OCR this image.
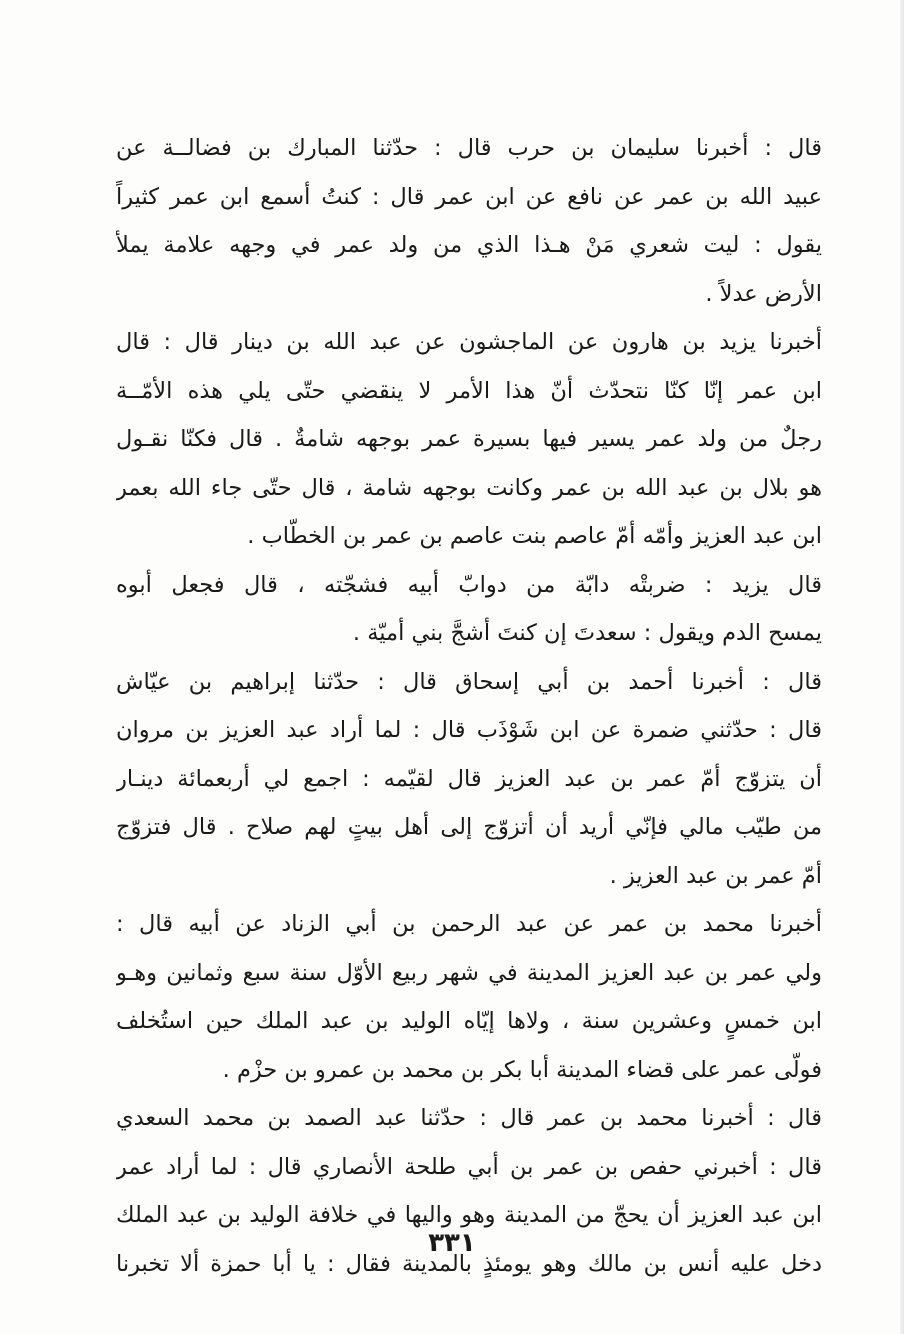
قال : أخبرنا سليمان بن حرب قال : حدّثنا المبارك بن فضالــة عن
عبيد الله بن عمر عن نافع عن ابن عمر قال : كنتُ أسمع ابن عمر كثيراً
يقول : ليت شعري مَنْ هـذا الذي من ولد عمر في وجهه علامة يملأ
الأرض عدلاً .
أخبرنا يزيد بن هارون عن الماجشون عن عبد الله بن دينار قال : قال
ابن عمر إنّا كنّا نتحدّث أنّ هذا الأمر لا ينقضي حتّى يلي هذه الأمّــة
رجلٌ من ولد عمر يسير فيها بسيرة عمر بوجهه شامةٌ . قال فكنّا نقـول
هو بلال بن عبد الله بن عمر وكانت بوجهه شامة ، قال حتّى جاء الله بعمر
ابن عبد العزيز وأمّه أمّ عاصم بنت عاصم بن عمر بن الخطّاب .
قال يزيد : ضربتْه دابّة من دوابّ أبيه فشجّته ، قال فجعل أبوه
يمسح الدم ويقول : سعدتَ إن كنتَ أشجَّ بني أميّة .
قال : أخبرنا أحمد بن أبي إسحاق قال : حدّثنا إبراهيم بن عيّاش
قال : حدّثني ضمرة عن ابن شَوْذَب قال : لما أراد عبد العزيز بن مروان
أن يتزوّج أمّ عمر بن عبد العزيز قال لقيّمه : اجمع لي أربعمائة دينـار
من طيّب مالي فإنّي أريد أن أتزوّج إلى أهل بيتٍ لهم صلاح . قال فتزوّج
أمّ عمر بن عبد العزيز .
أخبرنا محمد بن عمر عن عبد الرحمن بن أبي الزناد عن أبيه قال :
ولي عمر بن عبد العزيز المدينة في شهر ربيع الأوّل سنة سبع وثمانين وهـو
ابن خمسٍ وعشرين سنة ، ولاها إيّاه الوليد بن عبد الملك حين استُخلف
فولّى عمر على قضاء المدينة أبا بكر بن محمد بن عمرو بن حزْم .
قال : أخبرنا محمد بن عمر قال : حدّثنا عبد الصمد بن محمد السعدي
قال : أخبرني حفص بن عمر بن أبي طلحة الأنصاري قال : لما أراد عمر
ابن عبد العزيز أن يحجّ من المدينة وهو واليها في خلافة الوليد بن عبد الملك
دخل عليه أنس بن مالك وهو يومئذٍ بالمدينة فقال : يا أبا حمزة ألا تخبرنا
٣٣١
